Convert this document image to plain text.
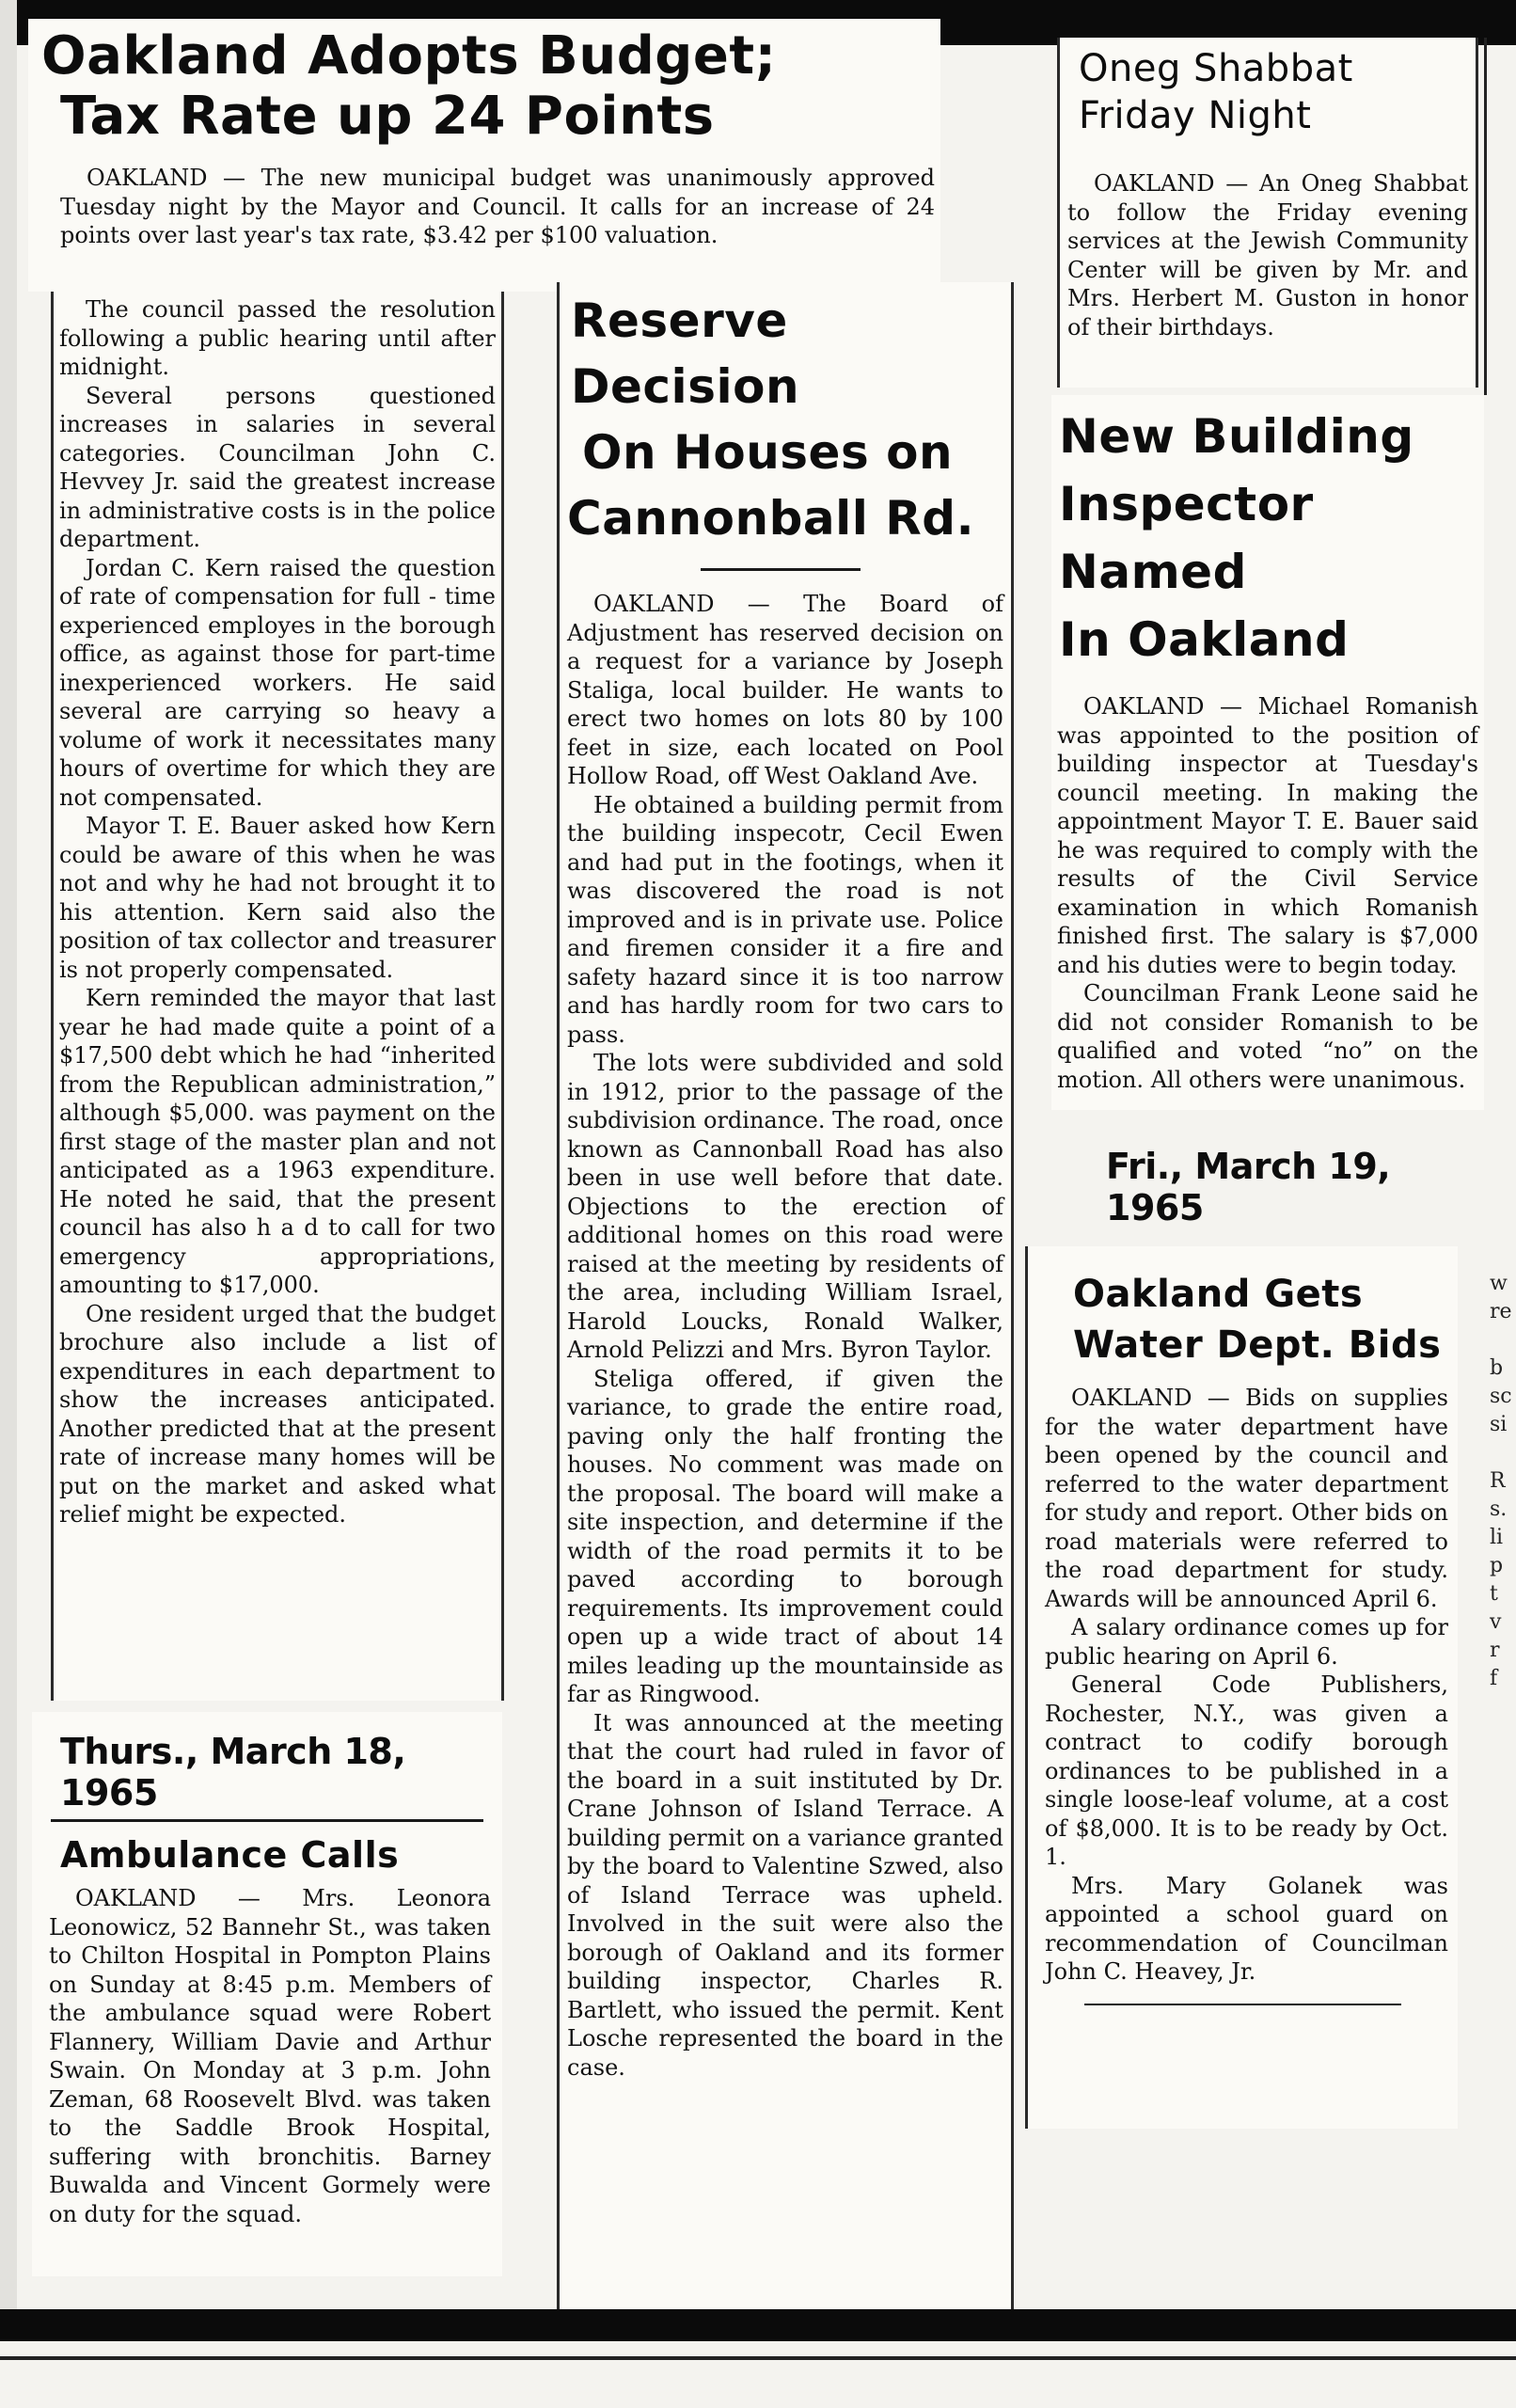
Oakland Adopts Budget;
Tax Rate up 24 Points

OAKLAND — The new municipal budget was unanimously approved Tuesday night by the Mayor and Council. It calls for an increase of 24 points over last year's tax rate, $3.42 per $100 valuation.

The council passed the resolution following a public hearing until after midnight.

Several persons questioned increases in salaries in several categories. Councilman John C. Hevvey Jr. said the greatest increase in administrative costs is in the police department.

Jordan C. Kern raised the question of rate of compensation for full - time experienced employes in the borough office, as against those for part-time inexperienced workers. He said several are carrying so heavy a volume of work it necessitates many hours of overtime for which they are not compensated.

Mayor T. E. Bauer asked how Kern could be aware of this when he was not and why he had not brought it to his attention. Kern said also the position of tax collector and treasurer is not properly compensated.

Kern reminded the mayor that last year he had made quite a point of a $17,500 debt which he had “inherited from the Republican administration,” although $5,000. was payment on the first stage of the master plan and not anticipated as a 1963 expenditure. He noted he said, that the present council has also h a d to call for two emergency appropriations, amounting to $17,000.

One resident urged that the budget brochure also include a list of expenditures in each department to show the increases anticipated. Another predicted that at the present rate of increase many homes will be put on the market and asked what relief might be expected.

Reserve Decision
On Houses on
Cannonball Rd.

OAKLAND — The Board of Adjustment has reserved decision on a request for a variance by Joseph Staliga, local builder. He wants to erect two homes on lots 80 by 100 feet in size, each located on Pool Hollow Road, off West Oakland Ave.

He obtained a building permit from the building inspecotr, Cecil Ewen and had put in the footings, when it was discovered the road is not improved and is in private use. Police and firemen consider it a fire and safety hazard since it is too narrow and has hardly room for two cars to pass.

The lots were subdivided and sold in 1912, prior to the passage of the subdivision ordinance. The road, once known as Cannonball Road has also been in use well before that date. Objections to the erection of additional homes on this road were raised at the meeting by residents of the area, including William Israel, Harold Loucks, Ronald Walker, Arnold Pelizzi and Mrs. Byron Taylor.

Steliga offered, if given the variance, to grade the entire road, paving only the half fronting the houses. No comment was made on the proposal. The board will make a site inspection, and determine if the width of the road permits it to be paved according to borough requirements. Its improvement could open up a wide tract of about 14 miles leading up the mountainside as far as Ringwood.

It was announced at the meeting that the court had ruled in favor of the board in a suit instituted by Dr. Crane Johnson of Island Terrace. A building permit on a variance granted by the board to Valentine Szwed, also of Island Terrace was upheld. Involved in the suit were also the borough of Oakland and its former building inspector, Charles R. Bartlett, who issued the permit. Kent Losche represented the board in the case.

Oneg Shabbat
Friday Night

OAKLAND — An Oneg Shabbat to follow the Friday evening services at the Jewish Community Center will be given by Mr. and Mrs. Herbert M. Guston in honor of their birthdays.

New Building
Inspector Named
In Oakland

OAKLAND — Michael Romanish was appointed to the position of building inspector at Tuesday's council meeting. In making the appointment Mayor T. E. Bauer said he was required to comply with the results of the Civil Service examination in which Romanish finished first. The salary is $7,000 and his duties were to begin today.

Councilman Frank Leone said he did not consider Romanish to be qualified and voted “no” on the motion. All others were unanimous.

Fri., March 19, 1965
Oakland Gets
Water Dept. Bids

OAKLAND — Bids on supplies for the water department have been opened by the council and referred to the water department for study and report. Other bids on road materials were referred to the road department for study. Awards will be announced April 6.

A salary ordinance comes up for public hearing on April 6.

General Code Publishers, Rochester, N.Y., was given a contract to codify borough ordinances to be published in a single loose-leaf volume, at a cost of $8,000. It is to be ready by Oct. 1.

Mrs. Mary Golanek was appointed a school guard on recommendation of Councilman John C. Heavey, Jr.

Thurs., March 18, 1965
Ambulance Calls

OAKLAND — Mrs. Leonora Leonowicz, 52 Bannehr St., was taken to Chilton Hospital in Pompton Plains on Sunday at 8:45 p.m. Members of the ambulance squad were Robert Flannery, William Davie and Arthur Swain. On Monday at 3 p.m. John Zeman, 68 Roosevelt Blvd. was taken to the Saddle Brook Hospital, suffering with bronchitis. Barney Buwalda and Vincent Gormely were on duty for the squad.

w
re

b
sc
si

R
s.
li
p
t
v
r
f
